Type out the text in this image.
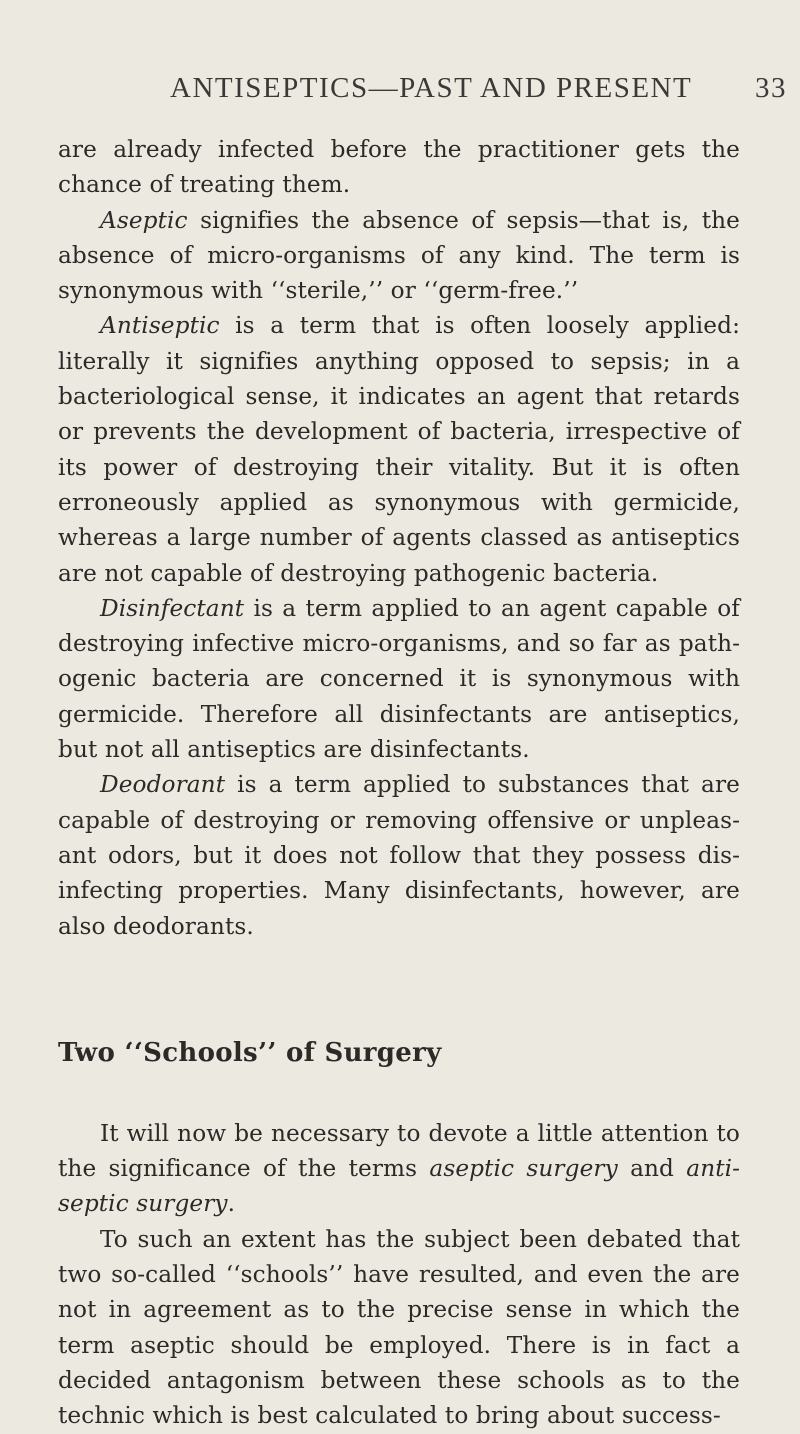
ANTISEPTICS—PAST AND PRESENT 33

are already infected before the practitioner gets the chance of treating them.

Aseptic signifies the absence of sepsis—that is, the absence of micro-organisms of any kind. The term is synonymous with ‘‘sterile,’’ or ‘‘germ-free.’’

Antiseptic is a term that is often loosely applied: literally it signifies anything opposed to sepsis; in a bacteriological sense, it indicates an agent that retards or prevents the development of bacteria, irrespective of its power of destroying their vitality. But it is often erroneously applied as synonymous with germicide, whereas a large number of agents classed as antiseptics are not capable of destroying pathogenic bacteria.

Disinfectant is a term applied to an agent capable of destroying infective micro-organisms, and so far as pathogenic bacteria are concerned it is synonymous with germicide. Therefore all disinfectants are antiseptics, but not all antiseptics are disinfectants.

Deodorant is a term applied to substances that are capable of destroying or removing offensive or unpleasant odors, but it does not follow that they possess disinfecting properties. Many disinfectants, however, are also deodorants.

Two ‘‘Schools’’ of Surgery

It will now be necessary to devote a little attention to the significance of the terms aseptic surgery and antiseptic surgery.

To such an extent has the subject been debated that two so-called ‘‘schools’’ have resulted, and even the are not in agreement as to the precise sense in which the term aseptic should be employed. There is in fact a decided antagonism between these schools as to the technic which is best calculated to bring about success-
